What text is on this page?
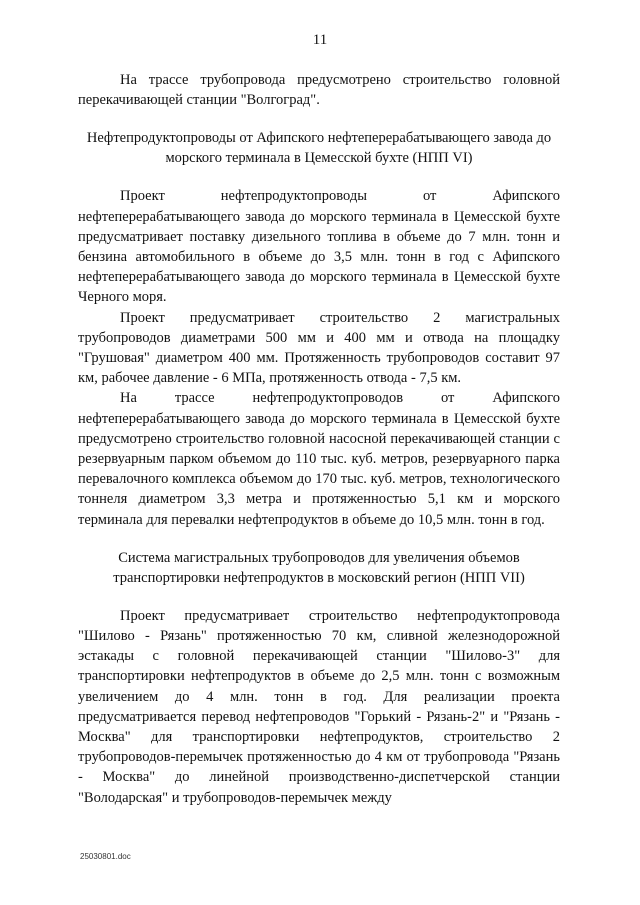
11

На трассе трубопровода предусмотрено строительство головной перекачивающей станции "Волгоград".

Нефтепродуктопроводы от Афипского нефтеперерабатывающего завода до морского терминала в Цемесской бухте (НПП VI)

Проект нефтепродуктопроводы от Афипского нефтеперерабатывающего завода до морского терминала в Цемесской бухте предусматривает поставку дизельного топлива в объеме до 7 млн. тонн и бензина автомобильного в объеме до 3,5 млн. тонн в год с Афипского нефтеперерабатывающего завода до морского терминала в Цемесской бухте Черного моря.

Проект предусматривает строительство 2 магистральных трубопроводов диаметрами 500 мм и 400 мм и отвода на площадку "Грушовая" диаметром 400 мм. Протяженность трубопроводов составит 97 км, рабочее давление - 6 МПа, протяженность отвода - 7,5 км.

На трассе нефтепродуктопроводов от Афипского нефтеперерабатывающего завода до морского терминала в Цемесской бухте предусмотрено строительство головной насосной перекачивающей станции с резервуарным парком объемом до 110 тыс. куб. метров, резервуарного парка перевалочного комплекса объемом до 170 тыс. куб. метров, технологического тоннеля диаметром 3,3 метра и протяженностью 5,1 км и морского терминала для перевалки нефтепродуктов в объеме до 10,5 млн. тонн в год.

Система магистральных трубопроводов для увеличения объемов транспортировки нефтепродуктов в московский регион (НПП VII)

Проект предусматривает строительство нефтепродуктопровода "Шилово - Рязань" протяженностью 70 км, сливной железнодорожной эстакады с головной перекачивающей станции "Шилово-3" для транспортировки нефтепродуктов в объеме до 2,5 млн. тонн с возможным увеличением до 4 млн. тонн в год. Для реализации проекта предусматривается перевод нефтепроводов "Горький - Рязань-2" и "Рязань - Москва" для транспортировки нефтепродуктов, строительство 2 трубопроводов-перемычек протяженностью до 4 км от трубопровода "Рязань - Москва" до линейной производственно-диспетчерской станции "Володарская" и трубопроводов-перемычек между

25030801.doc
